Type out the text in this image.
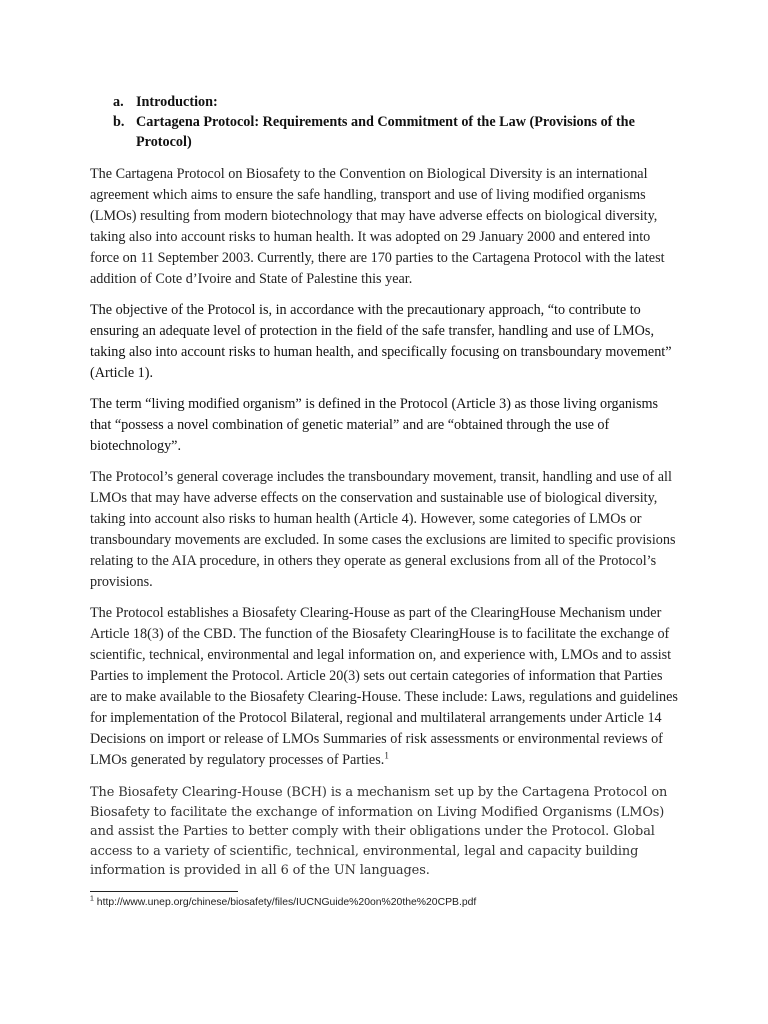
a. Introduction:
b. Cartagena Protocol: Requirements and Commitment of the Law (Provisions of the Protocol)

The Cartagena Protocol on Biosafety to the Convention on Biological Diversity is an international agreement which aims to ensure the safe handling, transport and use of living modified organisms (LMOs) resulting from modern biotechnology that may have adverse effects on biological diversity, taking also into account risks to human health. It was adopted on 29 January 2000 and entered into force on 11 September 2003. Currently, there are 170 parties to the Cartagena Protocol with the latest addition of Cote d’Ivoire and State of Palestine this year.

The objective of the Protocol is, in accordance with the precautionary approach, “to contribute to ensuring an adequate level of protection in the field of the safe transfer, handling and use of LMOs, taking also into account risks to human health, and specifically focusing on transboundary movement” (Article 1).

The term “living modified organism” is defined in the Protocol (Article 3) as those living organisms that “possess a novel combination of genetic material” and are “obtained through the use of biotechnology”.

The Protocol’s general coverage includes the transboundary movement, transit, handling and use of all LMOs that may have adverse effects on the conservation and sustainable use of biological diversity, taking into account also risks to human health (Article 4). However, some categories of LMOs or transboundary movements are excluded. In some cases the exclusions are limited to specific provisions relating to the AIA procedure, in others they operate as general exclusions from all of the Protocol’s provisions.

The Protocol establishes a Biosafety Clearing-House as part of the ClearingHouse Mechanism under Article 18(3) of the CBD. The function of the Biosafety ClearingHouse is to facilitate the exchange of scientific, technical, environmental and legal information on, and experience with, LMOs and to assist Parties to implement the Protocol. Article 20(3) sets out certain categories of information that Parties are to make available to the Biosafety Clearing-House. These include: Laws, regulations and guidelines for implementation of the Protocol Bilateral, regional and multilateral arrangements under Article 14 Decisions on import or release of LMOs Summaries of risk assessments or environmental reviews of LMOs generated by regulatory processes of Parties.$^1$

The Biosafety Clearing-House (BCH) is a mechanism set up by the Cartagena Protocol on Biosafety to facilitate the exchange of information on Living Modified Organisms (LMOs) and assist the Parties to better comply with their obligations under the Protocol. Global access to a variety of scientific, technical, environmental, legal and capacity building information is provided in all 6 of the UN languages.

$^1$ http://www.unep.org/chinese/biosafety/files/IUCNGuide%20on%20the%20CPB.pdf
